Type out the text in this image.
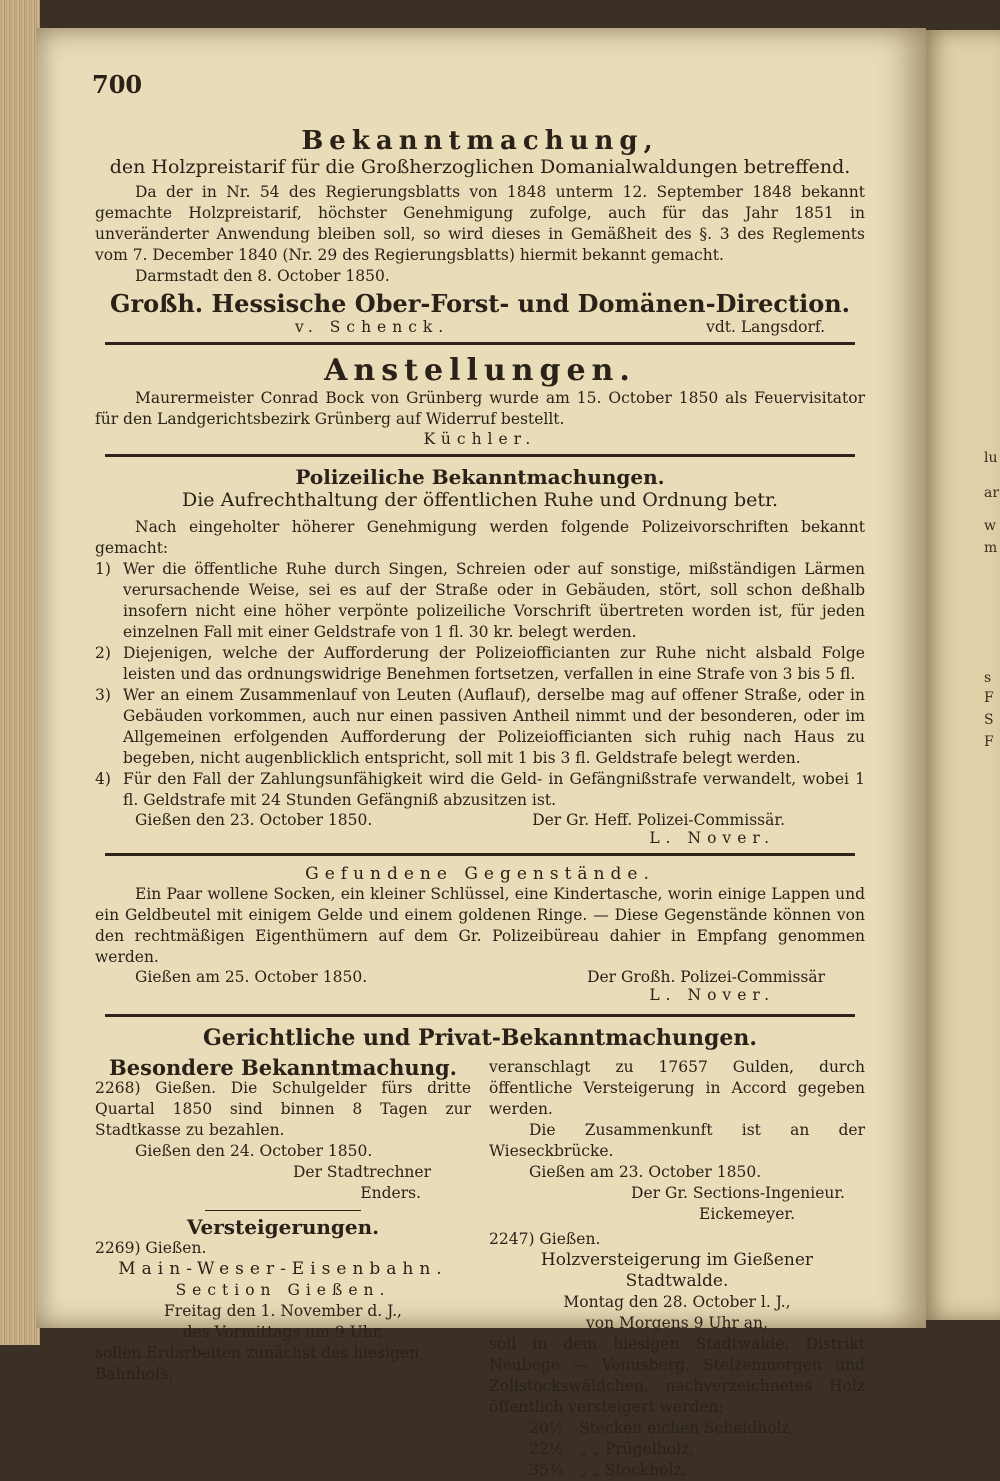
lu
ar
w
m
s
F
S
F
700
Bekanntmachung,
den Holzpreistarif für die Großherzoglichen Domanialwaldungen betreffend.

Da der in Nr. 54 des Regierungsblatts von 1848 unterm 12. September 1848 bekannt gemachte Holzpreistarif, höchster Genehmigung zufolge, auch für das Jahr 1851 in unveränderter Anwendung bleiben soll, so wird dieses in Gemäßheit des §. 3 des Reglements vom 7. December 1840 (Nr. 29 des Regierungsblatts) hiermit bekannt gemacht.

Darmstadt den 8. October 1850.

Großh. Hessische Ober-Forst- und Domänen-Direction.
v. Schenck.	vdt. Langsdorf.
Anstellungen.

Maurermeister Conrad Bock von Grünberg wurde am 15. October 1850 als Feuervisitator für den Landgerichtsbezirk Grünberg auf Widerruf bestellt.

Küchler.
Polizeiliche Bekanntmachungen.
Die Aufrechthaltung der öffentlichen Ruhe und Ordnung betr.

Nach eingeholter höherer Genehmigung werden folgende Polizeivorschriften bekannt gemacht:

1) Wer die öffentliche Ruhe durch Singen, Schreien oder auf sonstige, mißständigen Lärmen verursachende Weise, sei es auf der Straße oder in Gebäuden, stört, soll schon deßhalb insofern nicht eine höher verpönte polizeiliche Vorschrift übertreten worden ist, für jeden einzelnen Fall mit einer Geldstrafe von 1 fl. 30 kr. belegt werden.
2) Diejenigen, welche der Aufforderung der Polizeiofficianten zur Ruhe nicht alsbald Folge leisten und das ordnungswidrige Benehmen fortsetzen, verfallen in eine Strafe von 3 bis 5 fl.
3) Wer an einem Zusammenlauf von Leuten (Auflauf), derselbe mag auf offener Straße, oder in Gebäuden vorkommen, auch nur einen passiven Antheil nimmt und der besonderen, oder im Allgemeinen erfolgenden Aufforderung der Polizeiofficianten sich ruhig nach Haus zu begeben, nicht augenblicklich entspricht, soll mit 1 bis 3 fl. Geldstrafe belegt werden.
4) Für den Fall der Zahlungsunfähigkeit wird die Geld- in Gefängnißstrafe verwandelt, wobei 1 fl. Geldstrafe mit 24 Stunden Gefängniß abzusitzen ist.
Gießen den 23. October 1850.	Der Gr. Heff. Polizei-Commissär.
L. Nover.
Gefundene Gegenstände.

Ein Paar wollene Socken, ein kleiner Schlüssel, eine Kindertasche, worin einige Lappen und ein Geldbeutel mit einigem Gelde und einem goldenen Ringe. — Diese Gegenstände können von den rechtmäßigen Eigenthümern auf dem Gr. Polizeibüreau dahier in Empfang genommen werden.

Gießen am 25. October 1850.	Der Großh. Polizei-Commissär
L. Nover.
Gerichtliche und Privat-Bekanntmachungen.
Besondere Bekanntmachung.

2268) Gießen. Die Schulgelder fürs dritte Quartal 1850 sind binnen 8 Tagen zur Stadtkasse zu bezahlen.

Gießen den 24. October 1850.

Der Stadtrechner
Enders.
Versteigerungen.

2269) Gießen.

Main-Weser-Eisenbahn.
Section Gießen.
Freitag den 1. November d. J.,
des Vormittags um 9 Uhr,
sollen Erdarbeiten zunächst des hiesigen Bahnhofs,

veranschlagt zu 17657 Gulden, durch öffentliche Versteigerung in Accord gegeben werden.

Die Zusammenkunft ist an der Wieseckbrücke.

Gießen am 23. October 1850.

Der Gr. Sections-Ingenieur.
Eickemeyer.
2247) Gießen.
Holzversteigerung im Gießener Stadtwalde.
Montag den 28. October l. J.,
von Morgens 9 Uhr an,

soll in dem hiesigen Stadtwalde, Distrikt Neubege — Venusberg, Stelzenmorgen und Zollstockswäldchen, nachverzeichnetes Holz öffentlich versteigert werden:

20½ Stecken eichen Scheidholz,
22½ „ „ Prügelholz,
35¾ „ „ Stockholz,
